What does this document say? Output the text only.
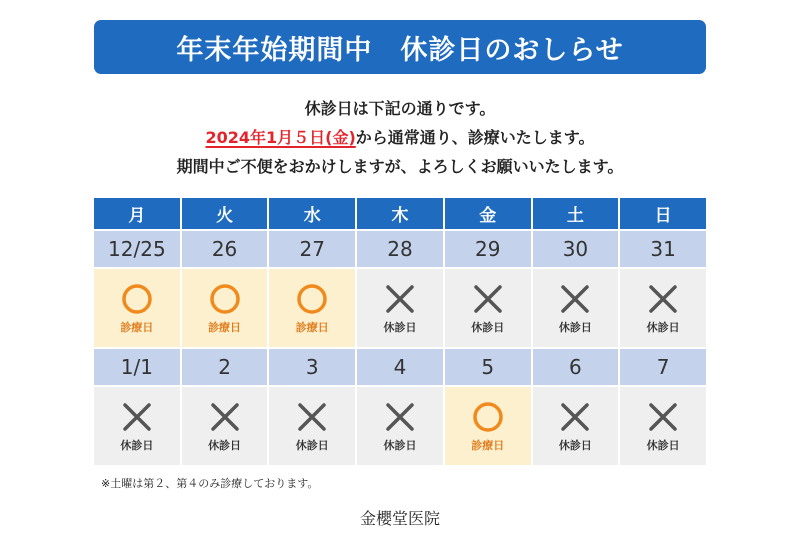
年末年始期間中　休診日のおしらせ
休診日は下記の通りです。
2024年1月５日(金)から通常通り、診療いたします。
期間中ご不便をおかけしますが、よろしくお願いいたします。
月	火	水	木	金	土	日
12/25	26	27	28	29	30	31
診療日	診療日	診療日	休診日	休診日	休診日	休診日
1/1	2	3	4	5	6	7
休診日	休診日	休診日	休診日	診療日	休診日	休診日
※土曜は第２、第４のみ診療しております。
金櫻堂医院
